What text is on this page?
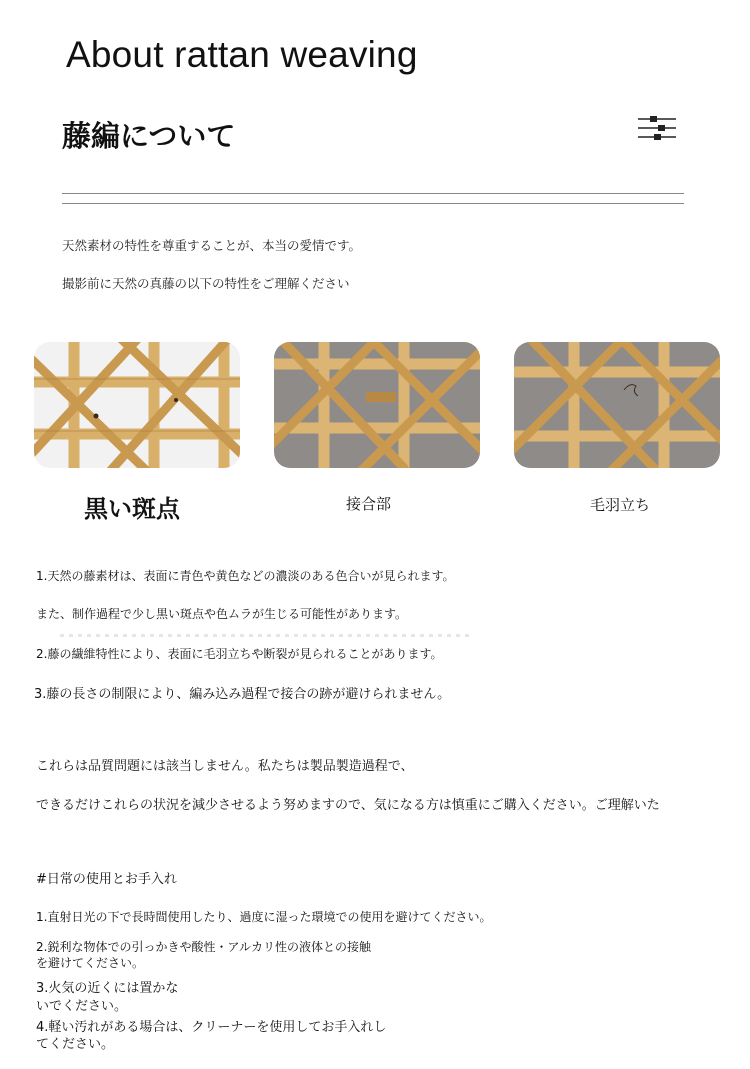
About rattan weaving
藤編について
天然素材の特性を尊重することが、本当の愛情です。
撮影前に天然の真藤の以下の特性をご理解ください
黒い斑点	接合部	毛羽立ち
1.天然の藤素材は、表面に青色や黄色などの濃淡のある色合いが見られます。
また、制作過程で少し黒い斑点や色ムラが生じる可能性があります。
2.藤の繊維特性により、表面に毛羽立ちや断裂が見られることがあります。
3.藤の長さの制限により、編み込み過程で接合の跡が避けられません。
これらは品質問題には該当しません。私たちは製品製造過程で、
できるだけこれらの状況を減少させるよう努めますので、気になる方は慎重にご購入ください。ご理解いた
#日常の使用とお手入れ
1.直射日光の下で長時間使用したり、過度に湿った環境での使用を避けてください。
2.鋭利な物体での引っかきや酸性・アルカリ性の液体との接触
を避けてください。
3.火気の近くには置かな
いでください。
4.軽い汚れがある場合は、クリーナーを使用してお手入れし
てください。
